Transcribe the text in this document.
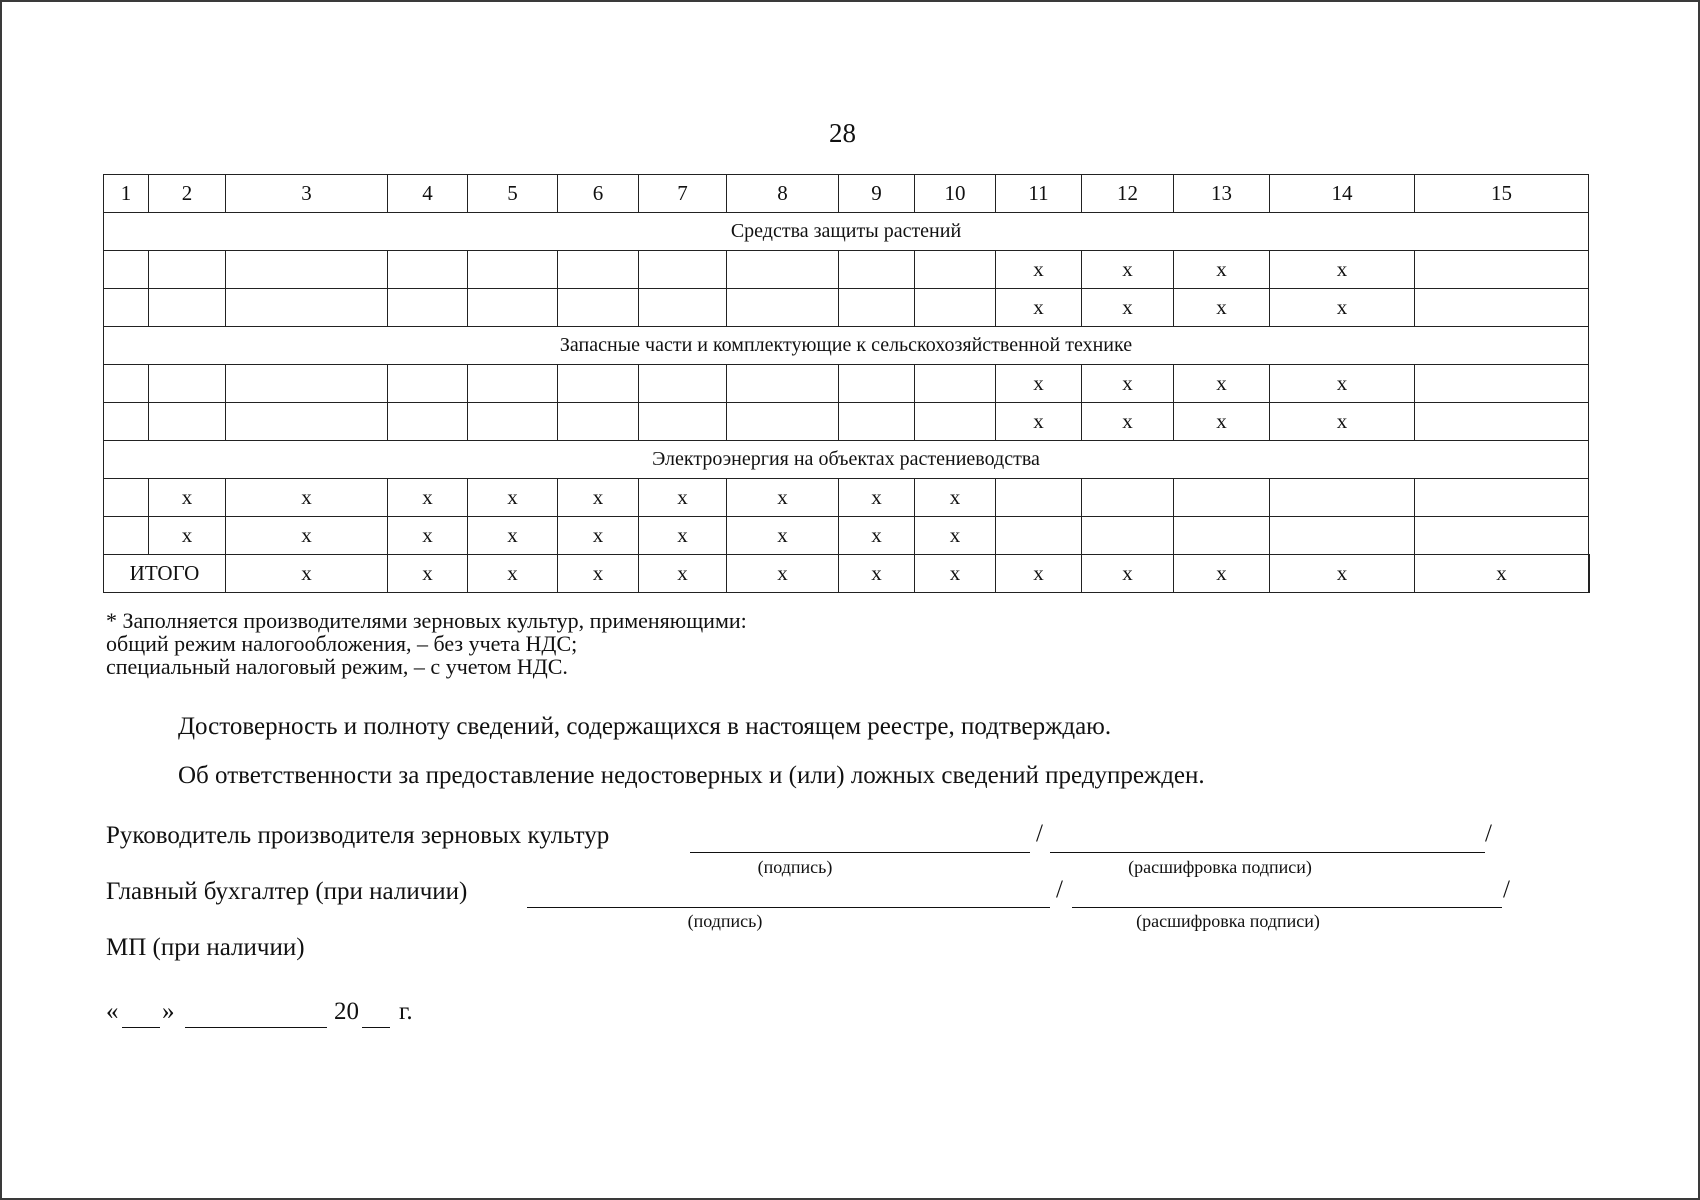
28
1	2	3	4	5	6	7	8	9	10	11	12	13	14	15	
Средства защиты растений															
										x	x	x	x		
										x	x	x	x		
Запасные части и комплектующие к сельскохозяйственной технике															
										x	x	x	x		
										x	x	x	x		
Электроэнергия на объектах растениеводства															
	x	x	x	x	x	x	x	x	x						
	x	x	x	x	x	x	x	x	x						
ИТОГО		x	x	x	x	x	x	x	x	x	x	x	x	x	
* Заполняется производителями зерновых культур, применяющими:
общий режим налогообложения, – без учета НДС;
специальный налоговый режим, – с учетом НДС.
Достоверность и полноту сведений, содержащихся в настоящем реестре, подтверждаю.
Об ответственности за предоставление недостоверных и (или) ложных сведений предупрежден.
Руководитель производителя зерновых культур	/	/
(подпись)	(расшифровка подписи)
Главный бухгалтер (при наличии)	/	/
(подпись)	(расшифровка подписи)
МП (при наличии)
« »	20 г.
